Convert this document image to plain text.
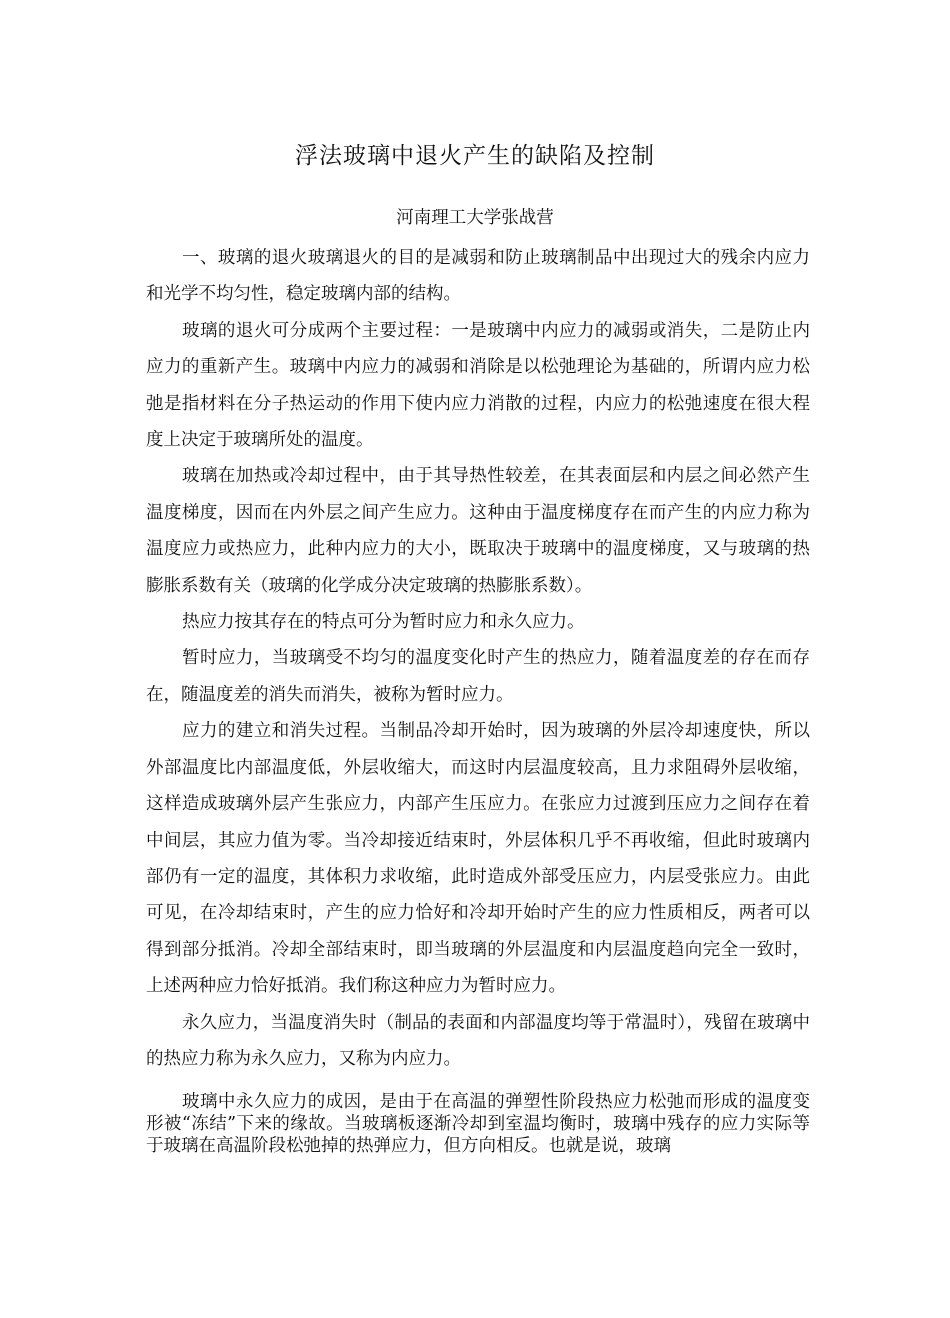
浮法玻璃中退火产生的缺陷及控制

河南理工大学张战营

一、玻璃的退火玻璃退火的目的是减弱和防止玻璃制品中出现过大的残余内应力和光学不均匀性，稳定玻璃内部的结构。

玻璃的退火可分成两个主要过程：一是玻璃中内应力的减弱或消失，二是防止内应力的重新产生。玻璃中内应力的减弱和消除是以松弛理论为基础的，所谓内应力松弛是指材料在分子热运动的作用下使内应力消散的过程，内应力的松弛速度在很大程度上决定于玻璃所处的温度。

玻璃在加热或冷却过程中，由于其导热性较差，在其表面层和内层之间必然产生温度梯度，因而在内外层之间产生应力。这种由于温度梯度存在而产生的内应力称为温度应力或热应力，此种内应力的大小，既取决于玻璃中的温度梯度，又与玻璃的热膨胀系数有关（玻璃的化学成分决定玻璃的热膨胀系数）。

热应力按其存在的特点可分为暂时应力和永久应力。

暂时应力，当玻璃受不均匀的温度变化时产生的热应力，随着温度差的存在而存在，随温度差的消失而消失，被称为暂时应力。

应力的建立和消失过程。当制品冷却开始时，因为玻璃的外层冷却速度快，所以外部温度比内部温度低，外层收缩大，而这时内层温度较高，且力求阻碍外层收缩，这样造成玻璃外层产生张应力，内部产生压应力。在张应力过渡到压应力之间存在着中间层，其应力值为零。当冷却接近结束时，外层体积几乎不再收缩，但此时玻璃内部仍有一定的温度，其体积力求收缩，此时造成外部受压应力，内层受张应力。由此可见，在冷却结束时，产生的应力恰好和冷却开始时产生的应力性质相反，两者可以得到部分抵消。冷却全部结束时，即当玻璃的外层温度和内层温度趋向完全一致时，上述两种应力恰好抵消。我们称这种应力为暂时应力。

永久应力，当温度消失时（制品的表面和内部温度均等于常温时），残留在玻璃中的热应力称为永久应力，又称为内应力。

玻璃中永久应力的成因，是由于在高温的弹塑性阶段热应力松弛而形成的温度变形被“冻结”下来的缘故。当玻璃板逐渐冷却到室温均衡时，玻璃中残存的应力实际等于玻璃在高温阶段松弛掉的热弹应力，但方向相反。也就是说，玻璃
